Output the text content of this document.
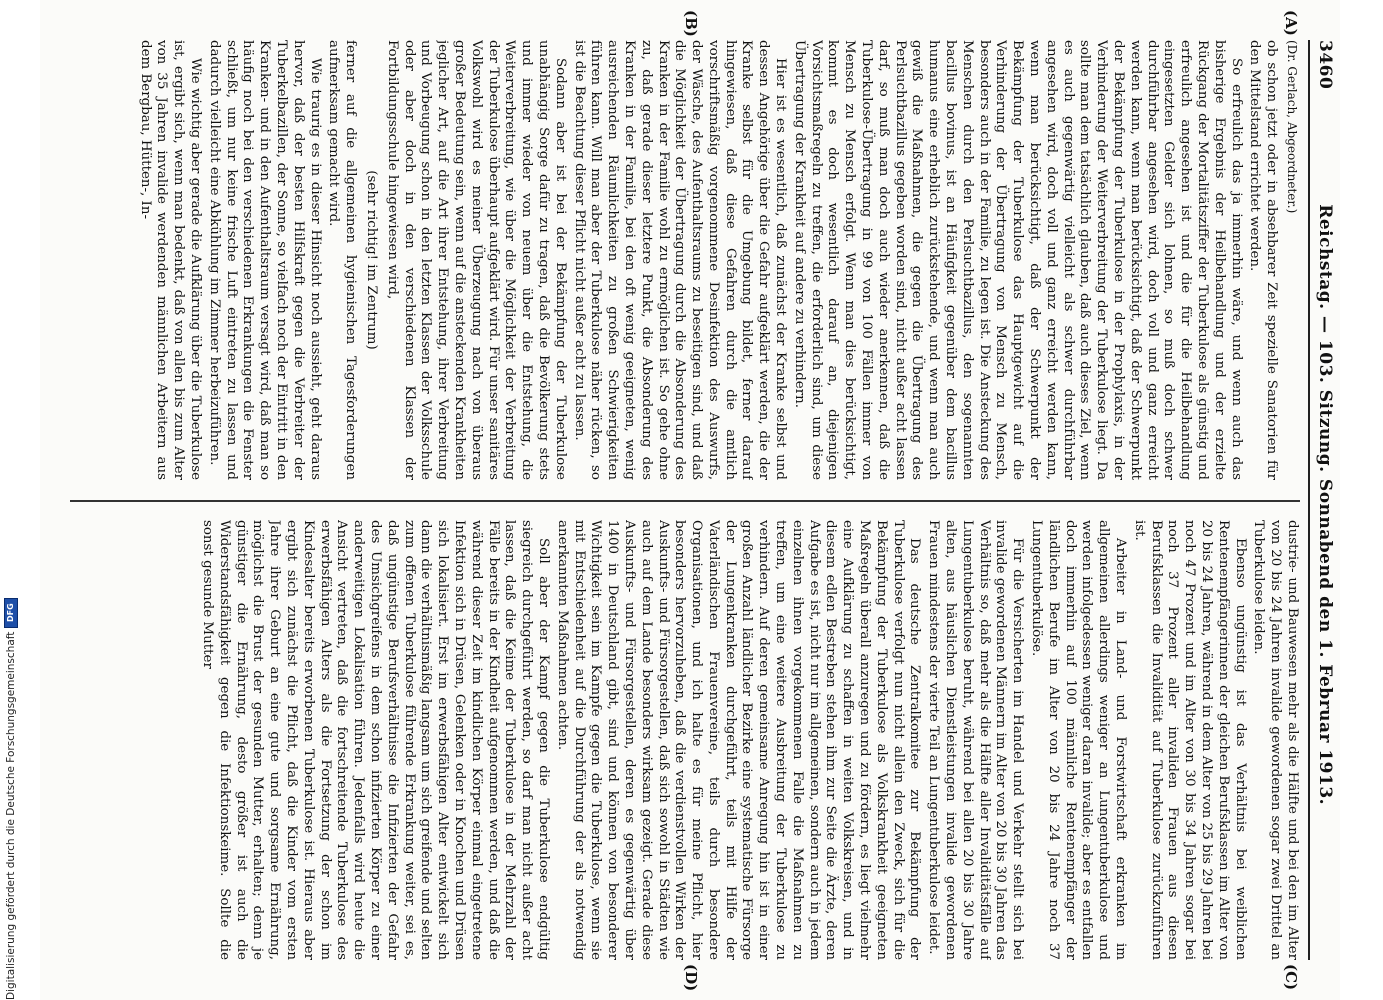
3460
Reichstag. — 103. Sitzung. Sonnabend den 1. Februar 1913.
(A)
(B)
(C)
(D)
(Dr. Gerlach, Abgeordneter.)

ob schon jetzt oder in absehbarer Zeit spezielle Sanatorien für den Mittelstand errichtet werden.

So erfreulich das ja immerhin wäre, und wenn auch das bisherige Ergebnis der Heilbehandlung und der erzielte Rückgang der Mortalitätsziffer der Tuberkulose als günstig und erfreulich angesehen ist und die für die Heilbehandlung eingesetzten Gelder sich lohnen, so muß doch schwer durchführbar angesehen wird, doch voll und ganz erreicht werden kann, wenn man berücksichtigt, daß der Schwerpunkt der Bekämpfung der Tuberkulose in der Prophylaxis, in der Verhinderung der Weiterverbreitung der Tuberkulose liegt. Da sollte man dem tatsächlich glauben, daß auch dieses Ziel, wenn es auch gegenwärtig vielleicht als schwer durchführbar angesehen wird, doch voll und ganz erreicht werden kann, wenn man berücksichtigt, daß der Schwerpunkt der Bekämpfung der Tuberkulose das Hauptgewicht auf die Verhinderung der Übertragung von Mensch zu Mensch, besonders auch in der Familie, zu legen ist. Die Ansteckung des Menschen durch den Perlsuchtbazillus, den sogenannten bacillus bovinus, ist an Häufigkeit gegenüber dem bacillus humanus eine erheblich zurückstehende, und wenn man auch gewiß die Maßnahmen, die gegen die Übertragung des Perlsuchtbazillus gegeben worden sind, nicht außer acht lassen darf, so muß man doch auch wieder anerkennen, daß die Tuberkulose-Übertragung in 99 von 100 Fällen immer von Mensch zu Mensch erfolgt. Wenn man dies berücksichtigt, kommt es doch wesentlich darauf an, diejenigen Vorsichtsmaßregeln zu treffen, die erforderlich sind, um diese Übertragung der Krankheit auf andere zu verhindern.

Hier ist es wesentlich, daß zunächst der Kranke selbst und dessen Angehörige über die Gefahr aufgeklärt werden, die der Kranke selbst für die Umgebung bildet, ferner darauf hingewiesen, daß diese Gefahren durch die amtlich vorschriftsmäßig vorgenommene Desinfektion des Auswurfs, der Wäsche, des Aufenthaltsraums zu beseitigen sind, und daß die Möglichkeit der Übertragung durch die Absonderung des Kranken in der Familie wohl zu ermöglichen ist. So gehe ohne zu, daß gerade dieser letztere Punkt, die Absonderung des Kranken in der Familie, bei den oft wenig geeigneten, wenig ausreichenden Räumlichkeiten zu großen Schwierigkeiten führen kann. Will man aber der Tuberkulose näher rücken, so ist die Beachtung dieser Pflicht nicht außer acht zu lassen.

Sodann aber ist bei der Bekämpfung der Tuberkulose unabhängig Sorge dafür zu tragen, daß die Bevölkerung stets und immer wieder von neuem über die Entstehung, die Weiterverbreitung, wie über die Möglichkeit der Verbreitung der Tuberkulose überhaupt aufgeklärt wird. Für unser sanitäres Volkswohl wird es meiner Überzeugung nach von überaus großer Bedeutung sein, wenn auf die ansteckenden Krankheiten jeglicher Art, auf die Art ihrer Entstehung, ihrer Verbreitung und Vorbeugung schon in den letzten Klassen der Volksschule oder aber doch in den verschiedenen Klassen der Fortbildungsschule hingewiesen wird,

(sehr richtig! im Zentrum)

ferner auf die allgemeinen hygienischen Tagesforderungen aufmerksam gemacht wird.

Wie traurig es in dieser Hinsicht noch aussieht, geht daraus hervor, daß der besten Hilfskraft gegen die Verbreiter der Tuberkelbazillen, der Sonne, so vielfach noch der Eintritt in den Kranken- und in den Aufenthaltsraum versagt wird, daß man so häufig noch bei den verschiedenen Erkrankungen die Fenster schließt, um nur keine frische Luft eintreten zu lassen und dadurch vielleicht eine Abkühlung im Zimmer herbeizuführen.

Wie wichtig aber gerade die Aufklärung über die Tuberkulose ist, ergibt sich, wenn man bedenkt, daß von allen bis zum Alter von 35 Jahren invalide werdenden männlichen Arbeitern aus dem Bergbau, Hütten-, In-

dustrie- und Bauwesen mehr als die Hälfte und bei den im Alter von 20 bis 24 Jahren invalide gewordenen sogar zwei Drittel an Tuberkulose leiden.

Ebenso ungünstig ist das Verhältnis bei weiblichen Rentenempfängerinnen der gleichen Berufsklassen im Alter von 20 bis 24 Jahren, während in dem Alter von 25 bis 29 Jahren bei noch 47 Prozent und im Alter von 30 bis 34 Jahren sogar bei noch 37 Prozent aller invaliden Frauen aus diesen Berufsklassen die Invalidität auf Tuberkulose zurückzuführen ist.

Arbeiter in Land- und Forstwirtschaft erkranken im allgemeinen allerdings weniger an Lungentuberkulose und werden infolgedessen weniger daran invalide; aber es entfallen doch immerhin auf 100 männliche Rentenempfänger der ländlichen Berufe im Alter von 20 bis 24 Jahre noch 37 Lungentuberkulöse.

Für die Versicherten im Handel und Verkehr stellt sich bei invalide gewordenen Männern im Alter von 20 bis 30 Jahren das Verhältnis so, daß mehr als die Hälfte aller Invaliditätsfälle auf Lungentuberkulose beruht, während bei allen 20 bis 30 Jahre alten, aus häuslichen Dienstleistungen invalide gewordenen Frauen mindestens der vierte Teil an Lungentuberkulose leidet.

Das deutsche Zentralkomitee zur Bekämpfung der Tuberkulose verfolgt nun nicht allein den Zweck, sich für die Bekämpfung der Tuberkulose als Volkskrankheit geeigneten Maßregeln überall anzuregen und zu fördern, es liegt vielmehr eine Aufklärung zu schaffen in weiten Volkskreisen, und in diesem edlen Bestreben stehen ihm zur Seite die Ärzte, deren Aufgabe es ist, nicht nur im allgemeinen, sondern auch in jedem einzelnen ihnen vorgekommenen Falle die Maßnahmen zu treffen, um eine weitere Ausbreitung der Tuberkulose zu verhindern. Auf deren gemeinsame Anregung hin ist in einer großen Anzahl ländlicher Bezirke eine systematische Fürsorge der Lungenkranken durchgeführt, teils mit Hilfe der Vaterländischen Frauenvereine, teils durch besondere Organisationen, und ich halte es für meine Pflicht, hier besonders hervorzuheben, daß die verdienstvollen Wirken der Auskunfts- und Fürsorgestellen, daß sich sowohl in Städten wie auch auf dem Lande besonders wirksam gezeigt. Gerade diese Auskunfts- und Fürsorgestellen, deren es gegenwärtig über 1400 in Deutschland gibt, sind und können von besonderer Wichtigkeit sein im Kampfe gegen die Tuberkulose, wenn sie mit Entschiedenheit auf die Durchführung der als notwendig anerkannten Maßnahmen achten.

Soll aber der Kampf gegen die Tuberkulose endgültig siegreich durchgeführt werden, so darf man nicht außer acht lassen, daß die Keime der Tuberkulose in der Mehrzahl der Fälle bereits in der Kindheit aufgenommen werden, und daß die während dieser Zeit im kindlichen Körper einmal eingetretene Infektion sich in Drüsen, Gelenken oder in Knochen und Drüsen sich lokalisiert. Erst im erwerbsfähigen Alter entwickelt sich dann die verhältnismäßig langsam um sich greifende und selten zum offenen Tuberkulose führende Erkrankung weiter, sei es, daß ungünstige Berufsverhältnisse die Infizierten der Gefahr des Umsichgreifens in dem schon infizierten Körper zu einer anderweitigen Lokalisation führen. Jedenfalls wird heute die Ansicht vertreten, daß die fortschreitende Tuberkulose des erwerbsfähigen Alters als die Fortsetzung der schon im Kindesalter bereits erworbenen Tuberkulose ist. Hieraus aber ergibt sich zunächst die Pflicht, daß die Kinder vom ersten Jahre ihrer Geburt an eine gute und sorgsame Ernährung, möglichst die Brust der gesunden Mutter, erhalten; denn je günstiger die Ernährung, desto größer ist auch die Widerstandsfähigkeit gegen die Infektionskeime. Sollte die sonst gesunde Mutter

Digitalisierung gefördert durch die Deutsche Forschungsgemeinschaft
DFG
